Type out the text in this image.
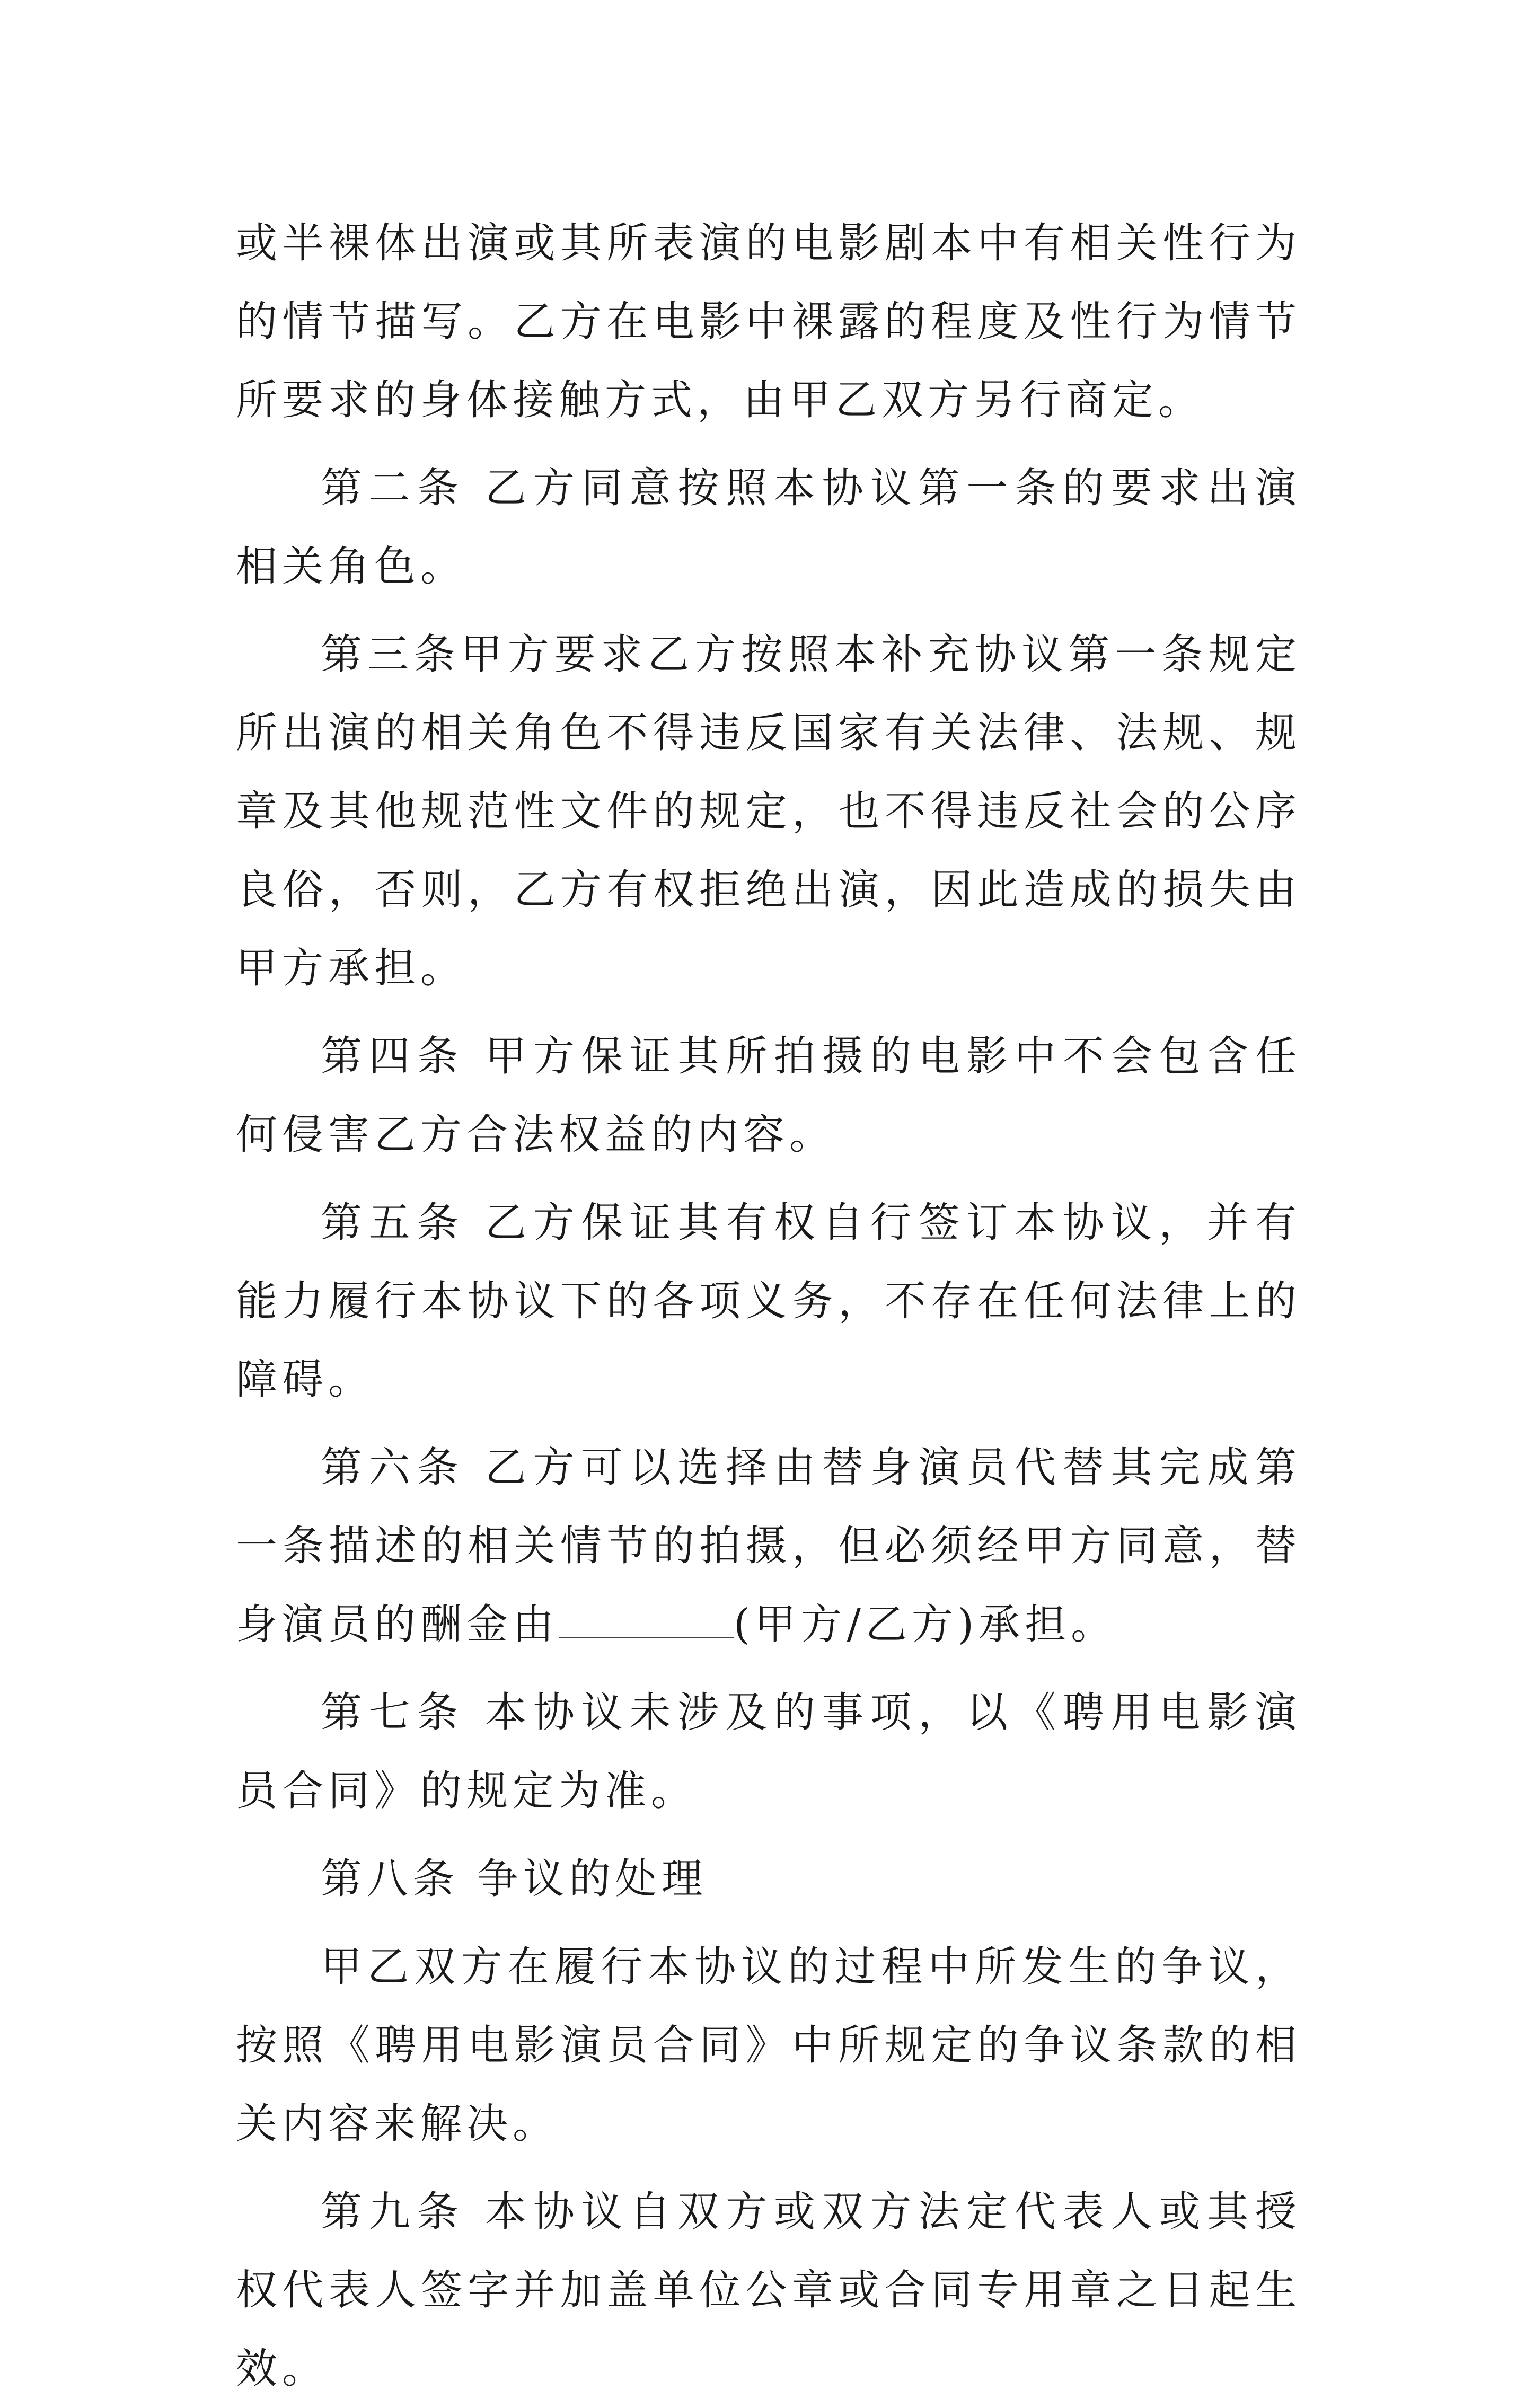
或半裸体出演或其所表演的电影剧本中有相关性行为的情节描写。乙方在电影中裸露的程度及性行为情节所要求的身体接触方式，由甲乙双方另行商定。

第二条 乙方同意按照本协议第一条的要求出演相关角色。

第三条甲方要求乙方按照本补充协议第一条规定所出演的相关角色不得违反国家有关法律、法规、规章及其他规范性文件的规定，也不得违反社会的公序良俗，否则，乙方有权拒绝出演，因此造成的损失由甲方承担。

第四条 甲方保证其所拍摄的电影中不会包含任何侵害乙方合法权益的内容。

第五条 乙方保证其有权自行签订本协议，并有能力履行本协议下的各项义务，不存在任何法律上的障碍。

第六条 乙方可以选择由替身演员代替其完成第一条描述的相关情节的拍摄，但必须经甲方同意，替身演员的酬金由	(甲方/乙方)承担。

第七条 本协议未涉及的事项，以《聘用电影演员合同》的规定为准。

第八条 争议的处理

甲乙双方在履行本协议的过程中所发生的争议，按照《聘用电影演员合同》中所规定的争议条款的相关内容来解决。

第九条 本协议自双方或双方法定代表人或其授权代表人签字并加盖单位公章或合同专用章之日起生效。
